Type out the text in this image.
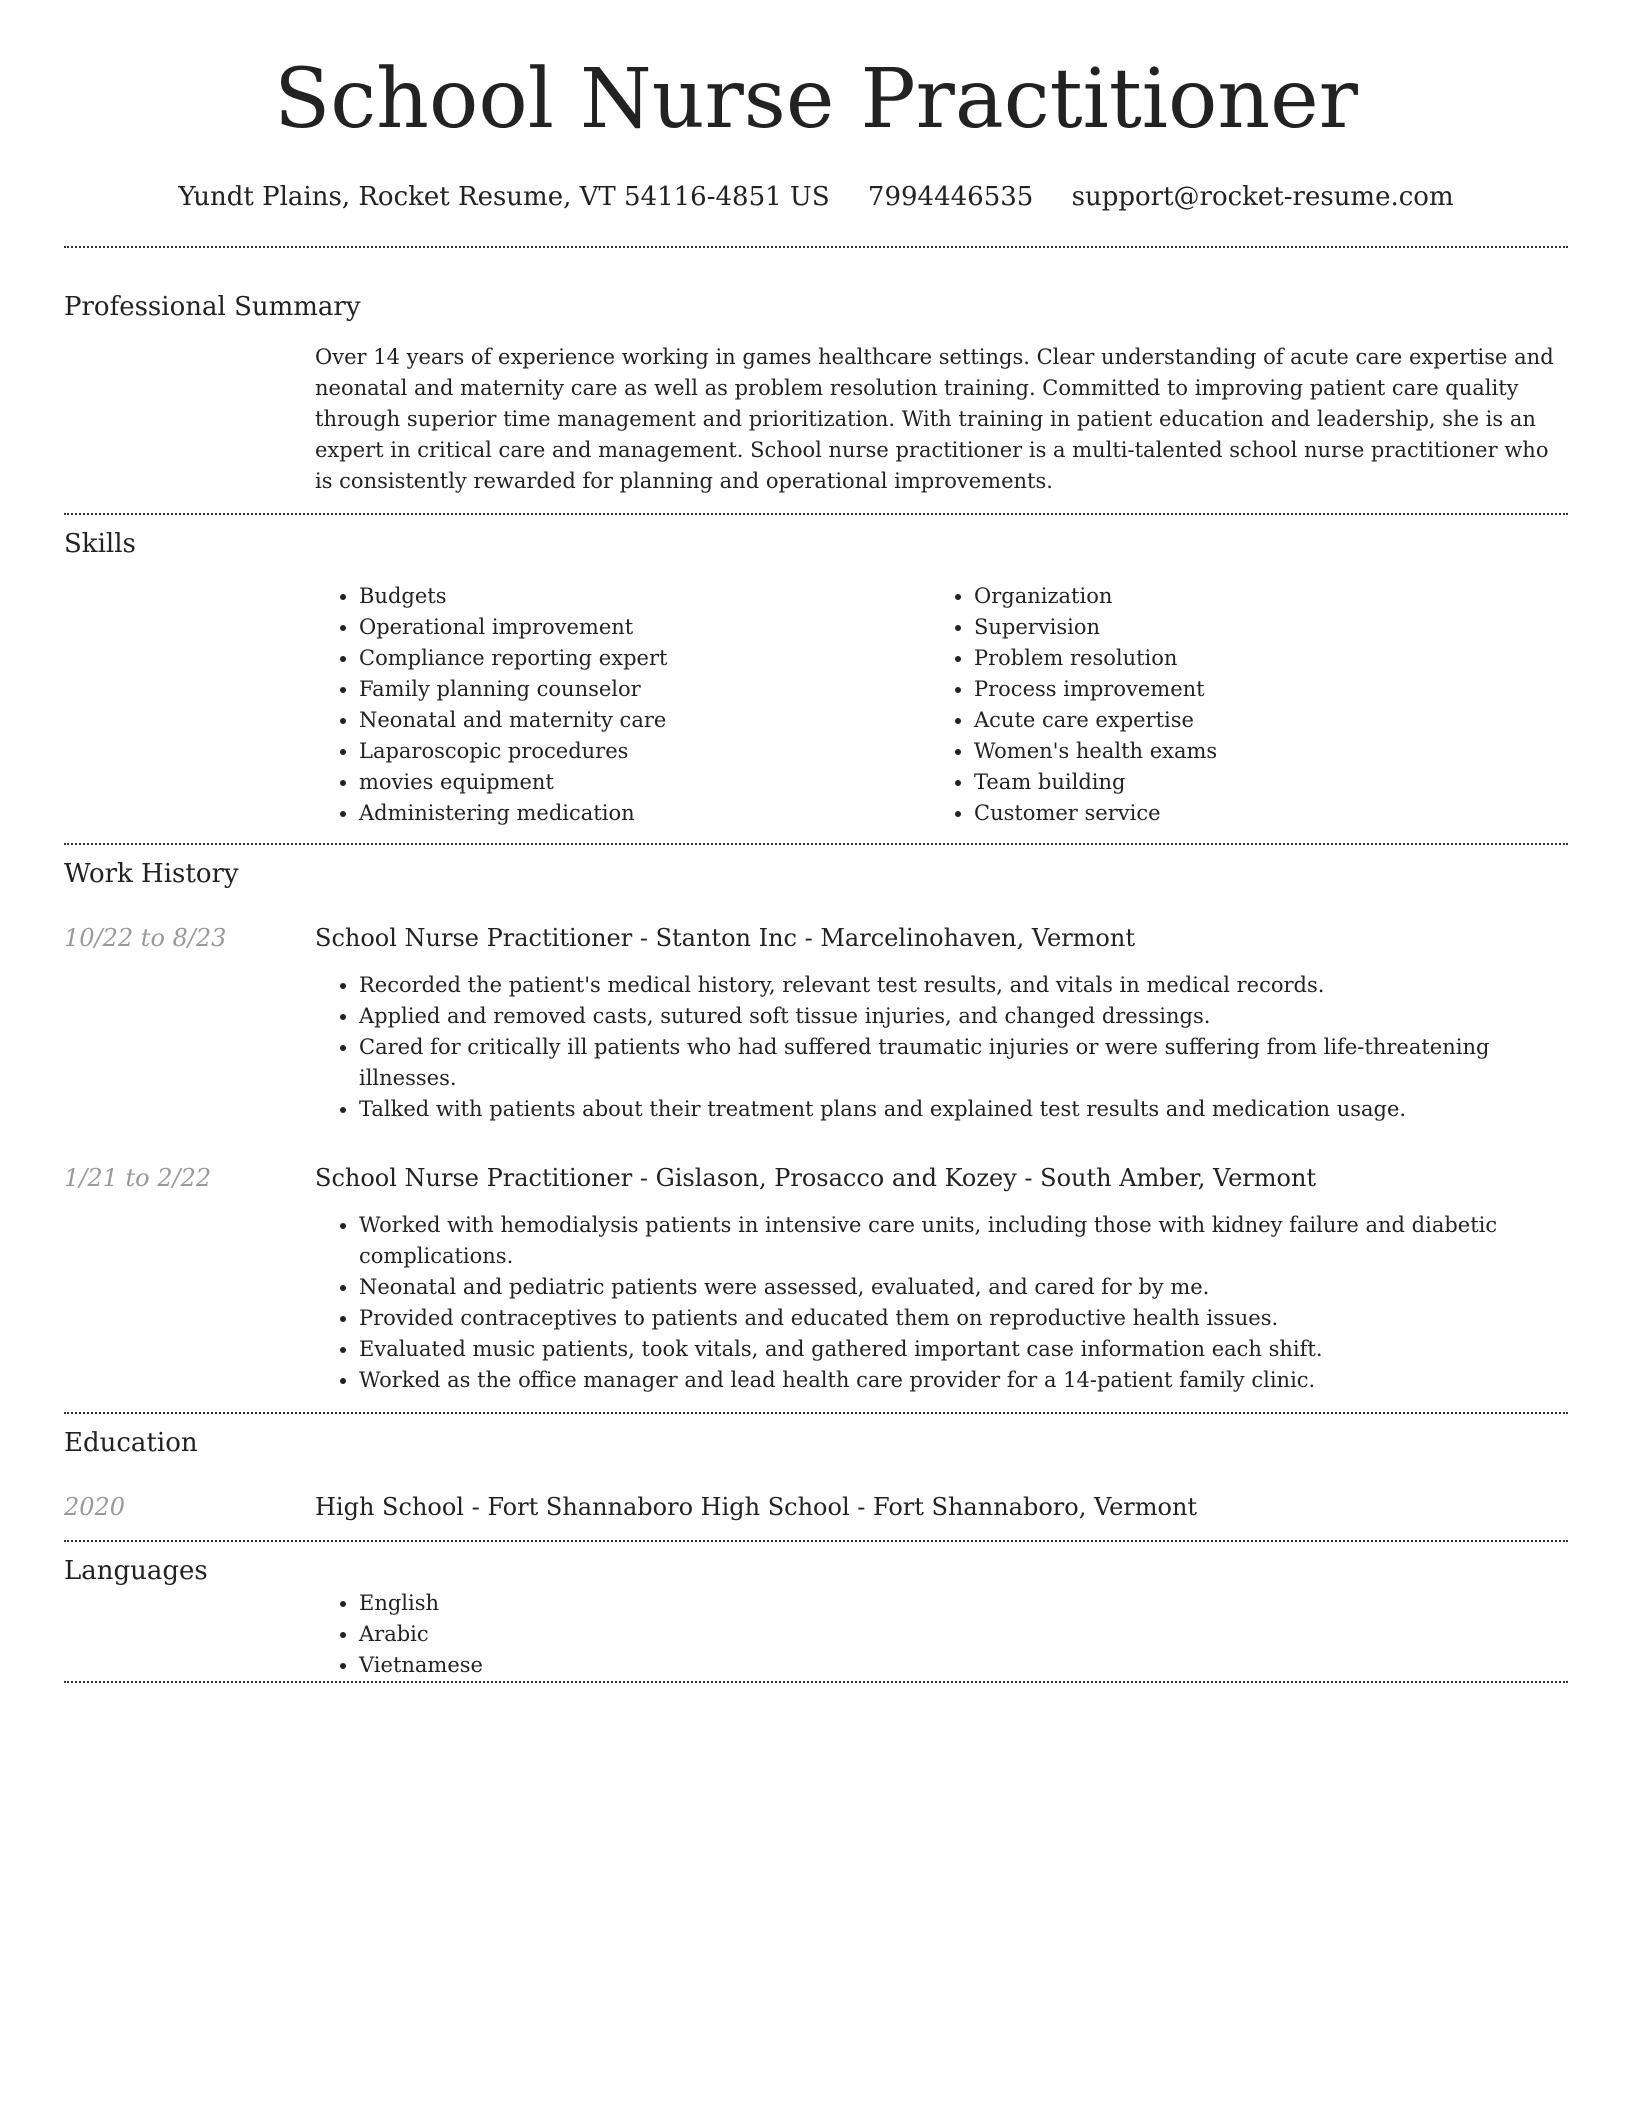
School Nurse Practitioner
Yundt Plains, Rocket Resume, VT 54116-4851 US 7994446535 support@rocket-resume.com
Professional Summary

Over 14 years of experience working in games healthcare settings. Clear understanding of acute care expertise and neonatal and maternity care as well as problem resolution training. Committed to improving patient care quality through superior time management and prioritization. With training in patient education and leadership, she is an expert in critical care and management. School nurse practitioner is a multi-talented school nurse practitioner who is consistently rewarded for planning and operational improvements.

Skills
• Budgets
• Operational improvement
• Compliance reporting expert
• Family planning counselor
• Neonatal and maternity care
• Laparoscopic procedures
• movies equipment
• Administering medication
• Organization
• Supervision
• Problem resolution
• Process improvement
• Acute care expertise
• Women's health exams
• Team building
• Customer service
Work History
10/22 to 8/23	School Nurse Practitioner - Stanton Inc - Marcelinohaven, Vermont
• Recorded the patient's medical history, relevant test results, and vitals in medical records.
• Applied and removed casts, sutured soft tissue injuries, and changed dressings.
• Cared for critically ill patients who had suffered traumatic injuries or were suffering from life-threatening illnesses.
• Talked with patients about their treatment plans and explained test results and medication usage.
1/21 to 2/22	School Nurse Practitioner - Gislason, Prosacco and Kozey - South Amber, Vermont
• Worked with hemodialysis patients in intensive care units, including those with kidney failure and diabetic complications.
• Neonatal and pediatric patients were assessed, evaluated, and cared for by me.
• Provided contraceptives to patients and educated them on reproductive health issues.
• Evaluated music patients, took vitals, and gathered important case information each shift.
• Worked as the office manager and lead health care provider for a 14-patient family clinic.
Education
2020	High School - Fort Shannaboro High School - Fort Shannaboro, Vermont
Languages
• English
• Arabic
• Vietnamese
